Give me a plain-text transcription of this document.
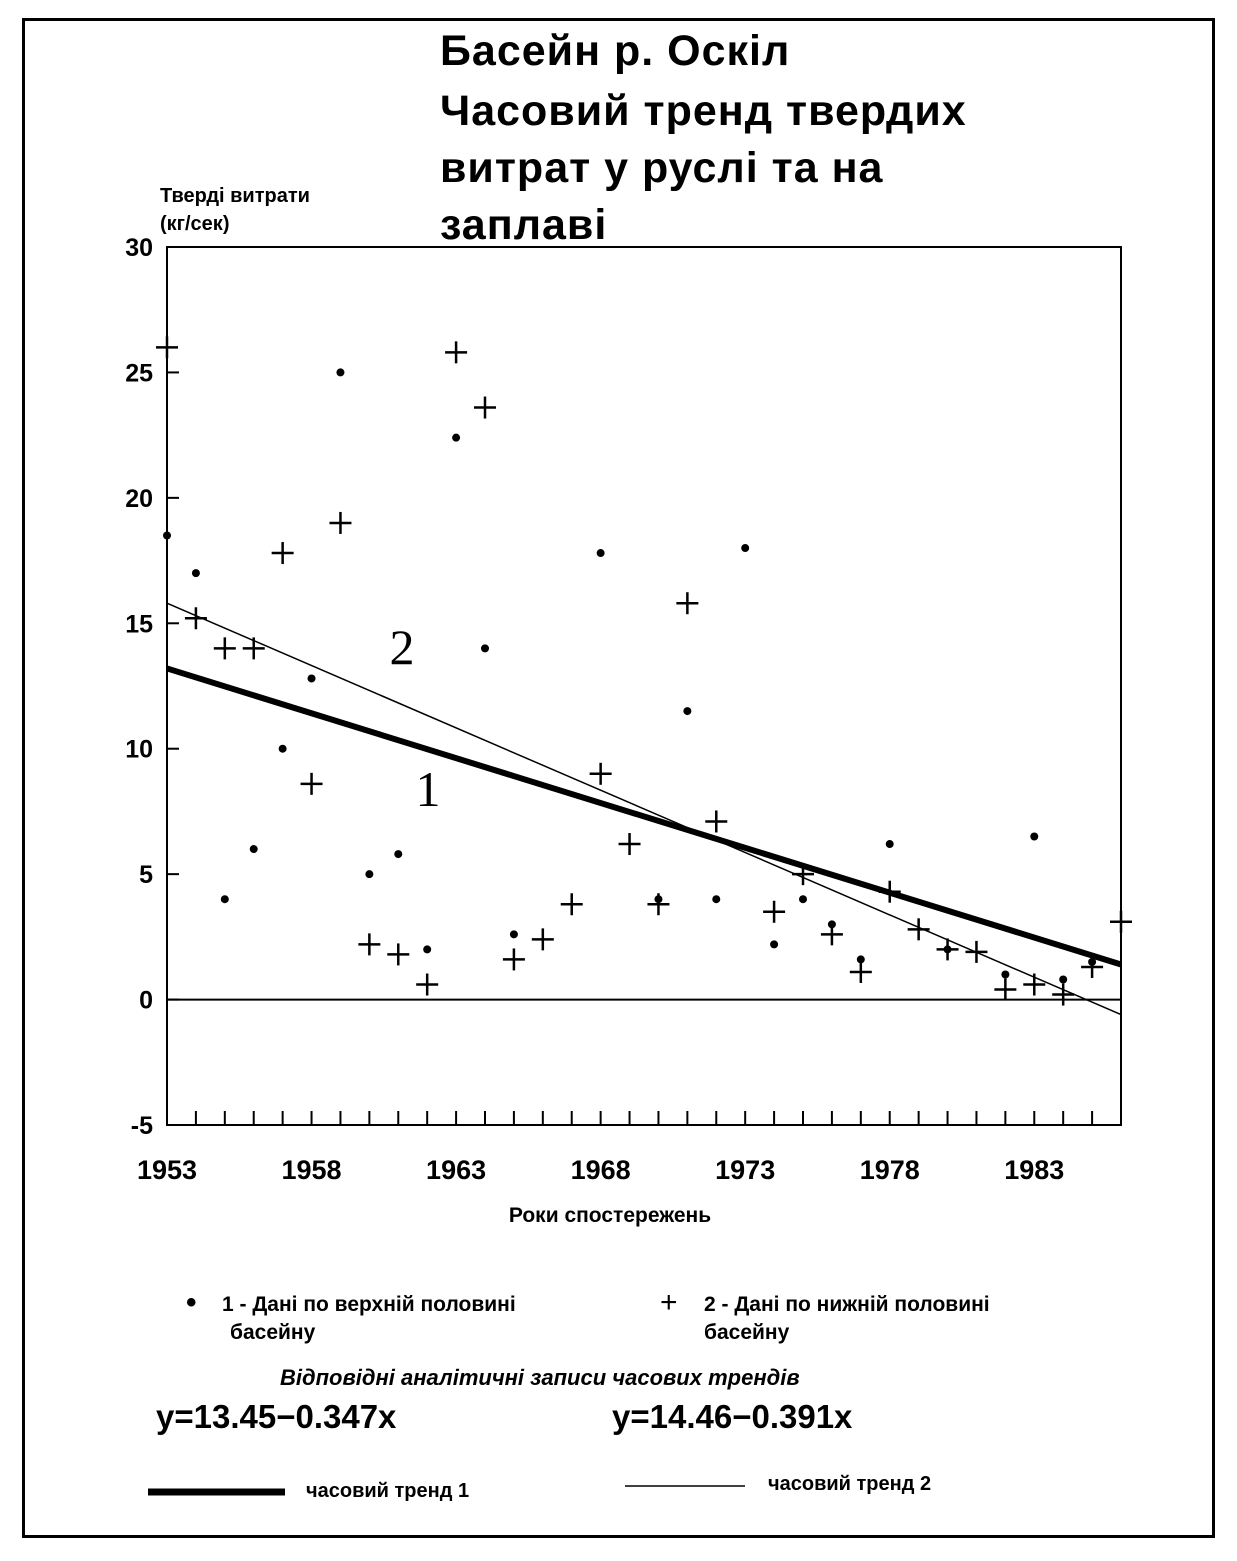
Басейн р. Оскіл
Часовий тренд твердих
витрат у руслі та на
заплаві
Тверді витрати
(кг/сек)
30
25
20
15
10
5
0
-5
1953	1958	1963	1968	1973	1978	1983
1
2
Роки спостережень
• 1 - Дані по верхній половині
басейну
+ 2 - Дані по нижній половині
басейну
Відповідні аналітичні записи часових трендів
y=13.45−0.347x	y=14.46−0.391x
часовий тренд 1	часовий тренд 2
